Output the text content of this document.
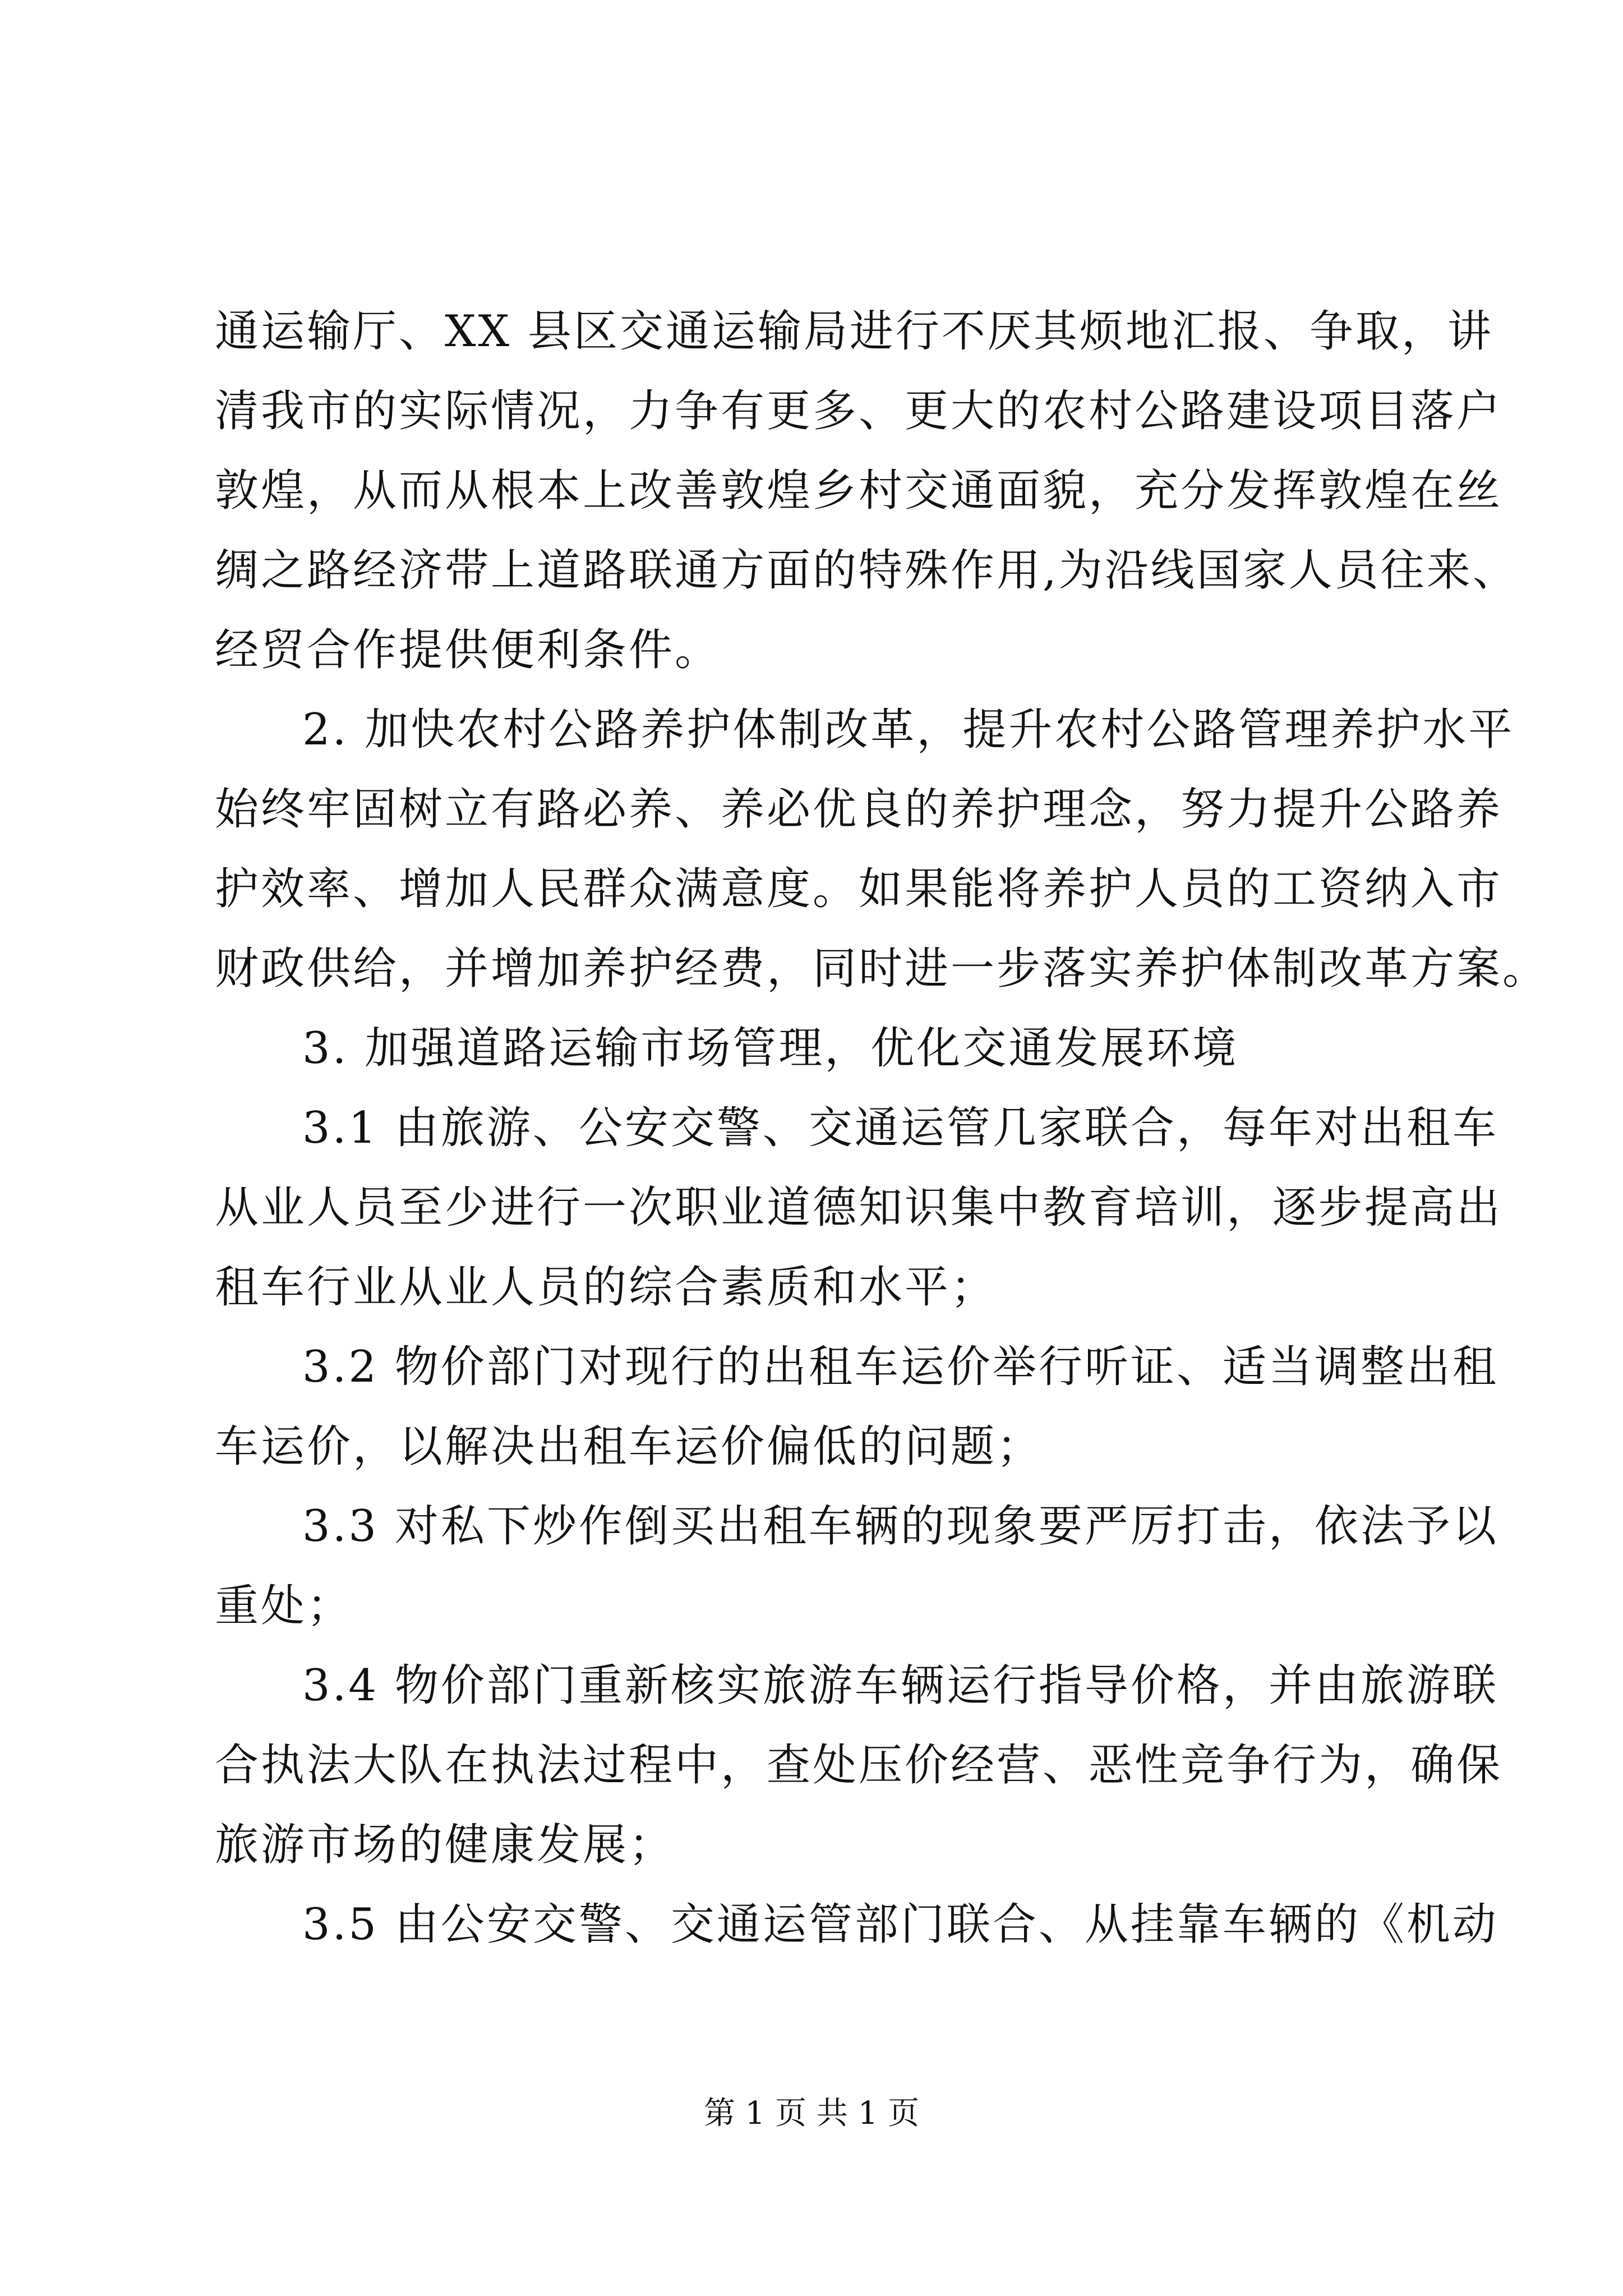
通运输厅、XX 县区交通运输局进行不厌其烦地汇报、争取，讲
清我市的实际情况，力争有更多、更大的农村公路建设项目落户
敦煌，从而从根本上改善敦煌乡村交通面貌，充分发挥敦煌在丝
绸之路经济带上道路联通方面的特殊作用,为沿线国家人员往来、
经贸合作提供便利条件。
2. 加快农村公路养护体制改革，提升农村公路管理养护水平
始终牢固树立有路必养、养必优良的养护理念，努力提升公路养
护效率、增加人民群众满意度。如果能将养护人员的工资纳入市
财政供给，并增加养护经费，同时进一步落实养护体制改革方案。
3. 加强道路运输市场管理，优化交通发展环境
3.1 由旅游、公安交警、交通运管几家联合，每年对出租车
从业人员至少进行一次职业道德知识集中教育培训，逐步提高出
租车行业从业人员的综合素质和水平；
3.2 物价部门对现行的出租车运价举行听证、适当调整出租
车运价，以解决出租车运价偏低的问题；
3.3 对私下炒作倒买出租车辆的现象要严厉打击，依法予以
重处；
3.4 物价部门重新核实旅游车辆运行指导价格，并由旅游联
合执法大队在执法过程中，查处压价经营、恶性竞争行为，确保
旅游市场的健康发展；
3.5 由公安交警、交通运管部门联合、从挂靠车辆的《机动
第 1 页 共 1 页
